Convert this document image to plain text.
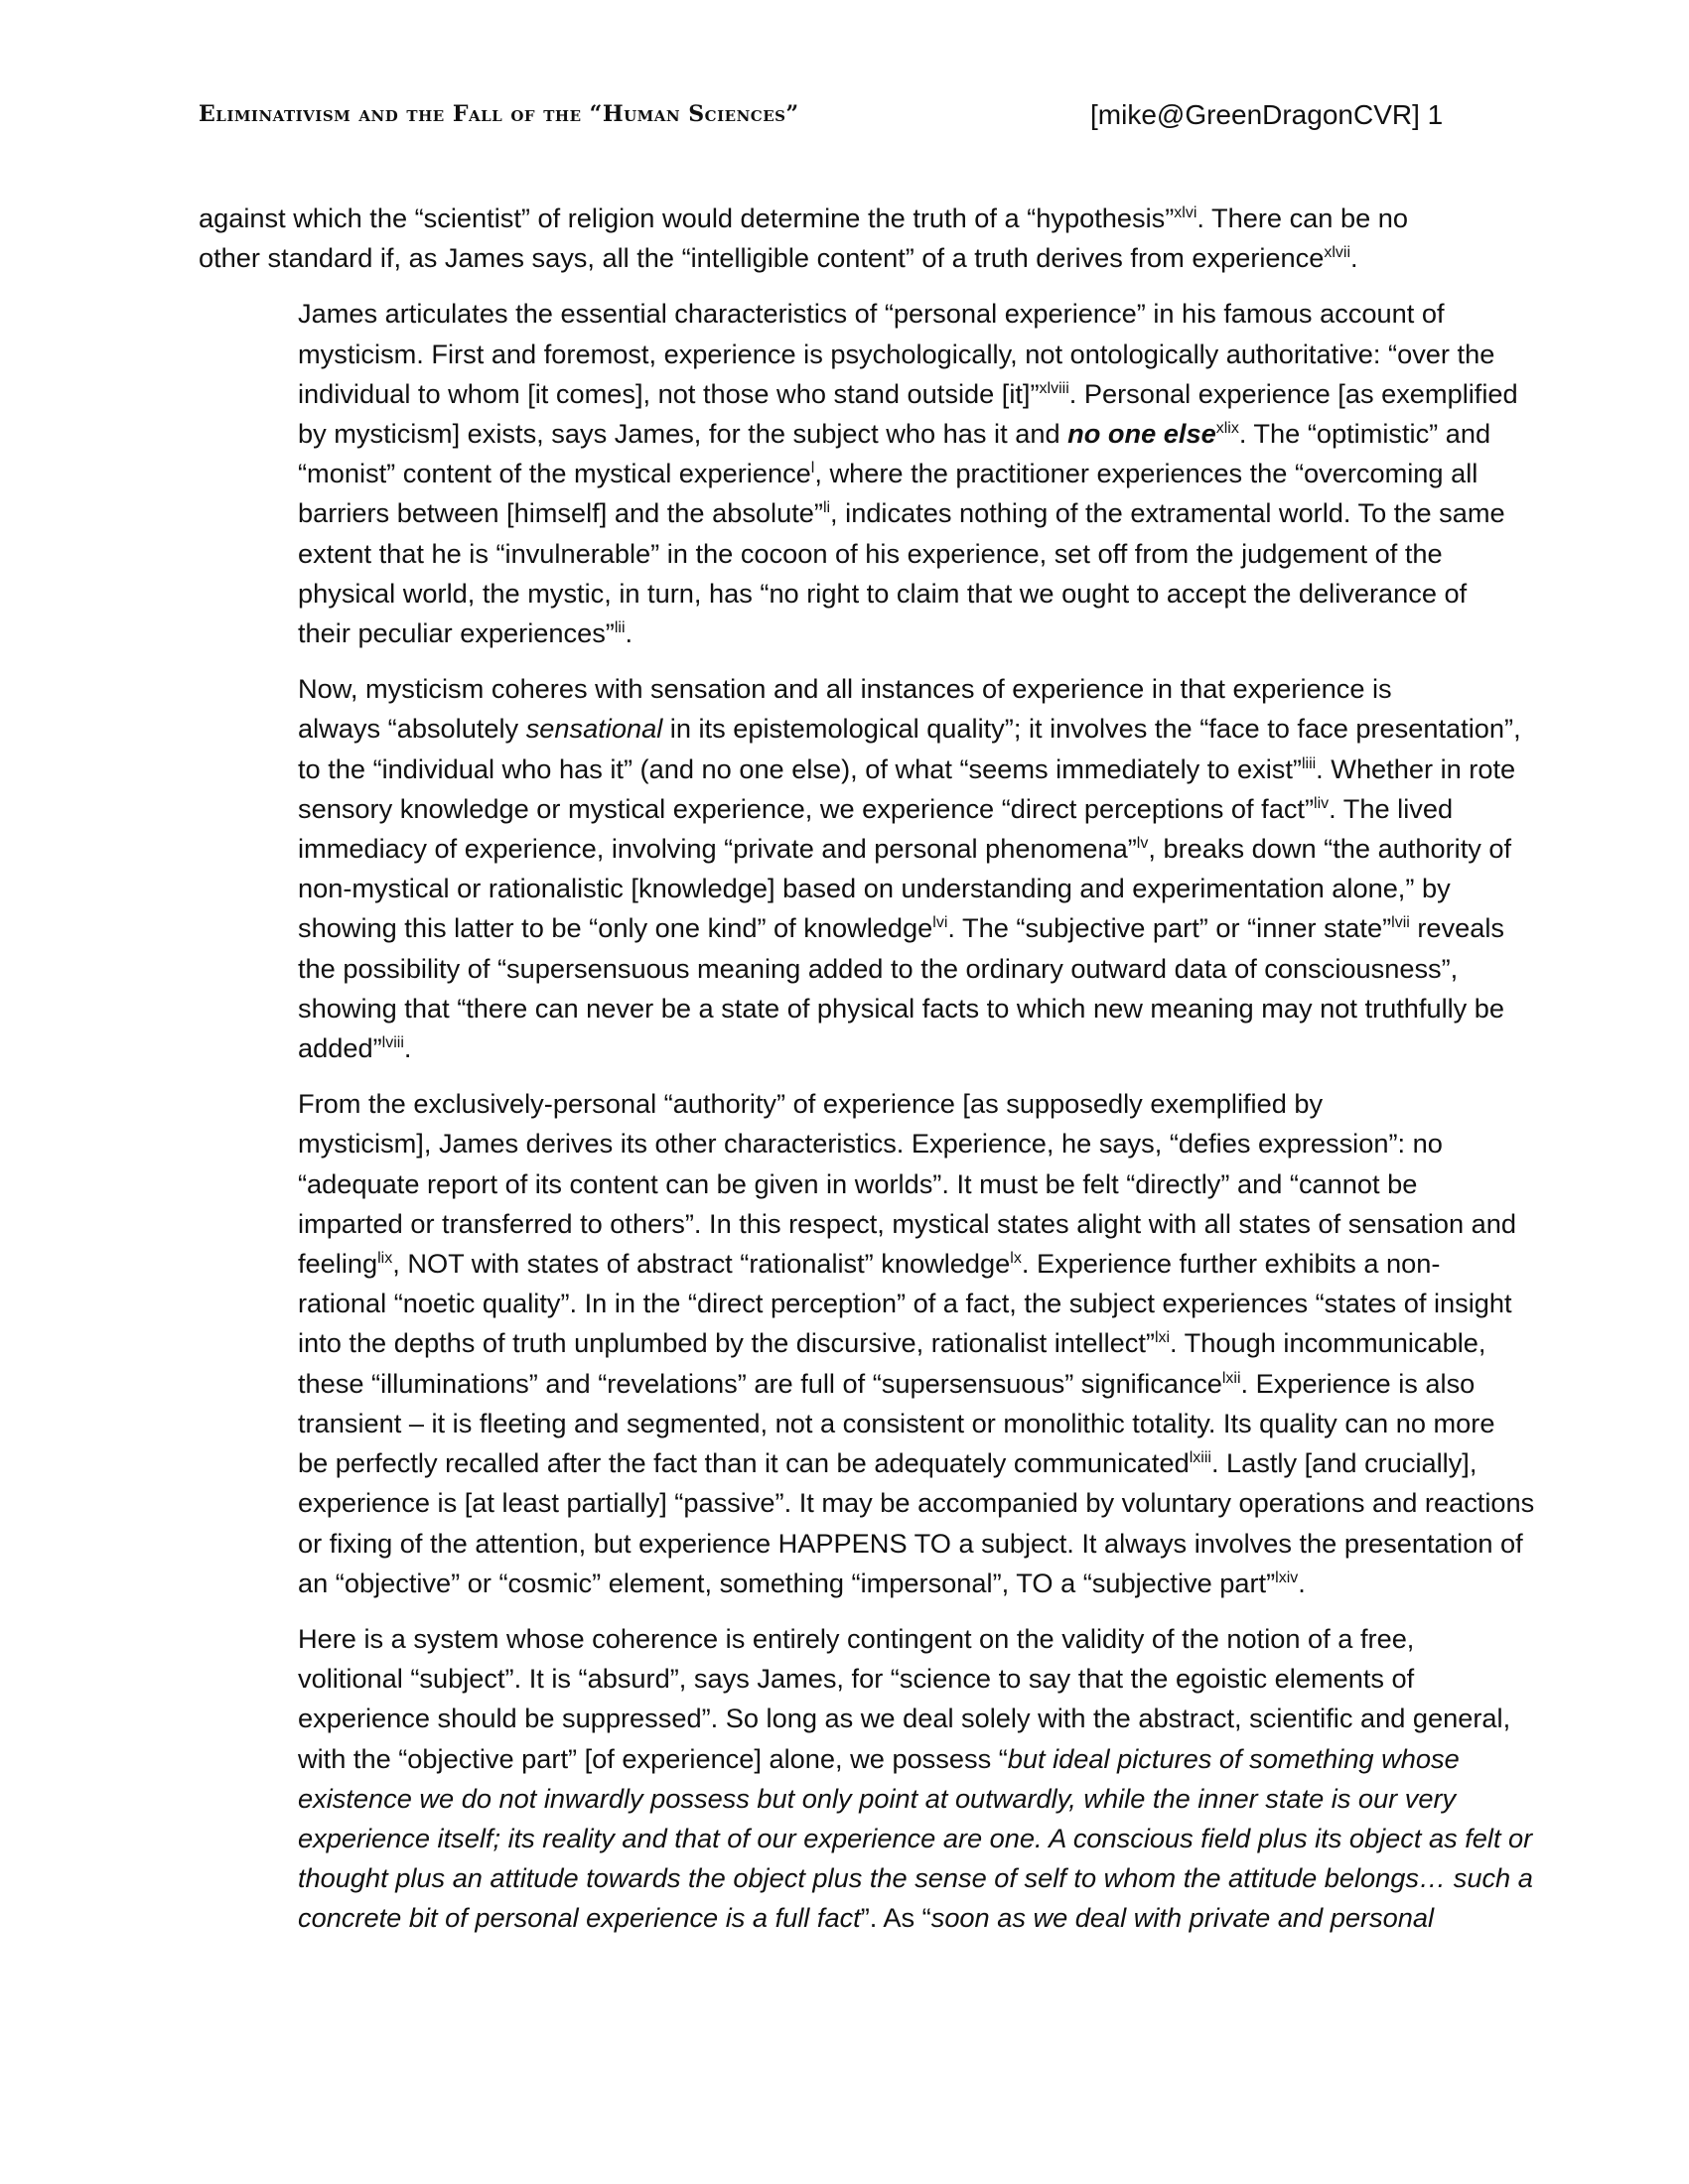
Eliminativism and the Fall of the “Human Sciences”	[mike@GreenDragonCVR] 1

against which the “scientist” of religion would determine the truth of a “hypothesis”$^{xlvi}$. There can be no
other standard if, as James says, all the “intelligible content” of a truth derives from experience$^{xlvii}$.

James articulates the essential characteristics of “personal experience” in his famous account of
mysticism. First and foremost, experience is psychologically, not ontologically authoritative: “over the
individual to whom [it comes], not those who stand outside [it]”$^{xlviii}$. Personal experience [as exemplified
by mysticism] exists, says James, for the subject who has it and no one else$^{xlix}$. The “optimistic” and
“monist” content of the mystical experience$^l$, where the practitioner experiences the “overcoming all
barriers between [himself] and the absolute”$^{li}$, indicates nothing of the extramental world. To the same
extent that he is “invulnerable” in the cocoon of his experience, set off from the judgement of the
physical world, the mystic, in turn, has “no right to claim that we ought to accept the deliverance of
their peculiar experiences”$^{lii}$.

Now, mysticism coheres with sensation and all instances of experience in that experience is
always “absolutely sensational in its epistemological quality”; it involves the “face to face presentation”,
to the “individual who has it” (and no one else), of what “seems immediately to exist”$^{liii}$. Whether in rote
sensory knowledge or mystical experience, we experience “direct perceptions of fact”$^{liv}$. The lived
immediacy of experience, involving “private and personal phenomena”$^{lv}$, breaks down “the authority of
non-mystical or rationalistic [knowledge] based on understanding and experimentation alone,” by
showing this latter to be “only one kind” of knowledge$^{lvi}$. The “subjective part” or “inner state”$^{lvii}$ reveals
the possibility of “supersensuous meaning added to the ordinary outward data of consciousness”,
showing that “there can never be a state of physical facts to which new meaning may not truthfully be
added”$^{lviii}$.

From the exclusively-personal “authority” of experience [as supposedly exemplified by
mysticism], James derives its other characteristics. Experience, he says, “defies expression”: no
“adequate report of its content can be given in worlds”. It must be felt “directly” and “cannot be
imparted or transferred to others”. In this respect, mystical states alight with all states of sensation and
feeling$^{lix}$, NOT with states of abstract “rationalist” knowledge$^{lx}$. Experience further exhibits a non-
rational “noetic quality”. In in the “direct perception” of a fact, the subject experiences “states of insight
into the depths of truth unplumbed by the discursive, rationalist intellect”$^{lxi}$. Though incommunicable,
these “illuminations” and “revelations” are full of “supersensuous” significance$^{lxii}$. Experience is also
transient – it is fleeting and segmented, not a consistent or monolithic totality. Its quality can no more
be perfectly recalled after the fact than it can be adequately communicated$^{lxiii}$. Lastly [and crucially],
experience is [at least partially] “passive”. It may be accompanied by voluntary operations and reactions
or fixing of the attention, but experience HAPPENS TO a subject. It always involves the presentation of
an “objective” or “cosmic” element, something “impersonal”, TO a “subjective part”$^{lxiv}$.

Here is a system whose coherence is entirely contingent on the validity of the notion of a free,
volitional “subject”. It is “absurd”, says James, for “science to say that the egoistic elements of
experience should be suppressed”. So long as we deal solely with the abstract, scientific and general,
with the “objective part” [of experience] alone, we possess “but ideal pictures of something whose
existence we do not inwardly possess but only point at outwardly, while the inner state is our very
experience itself; its reality and that of our experience are one. A conscious field plus its object as felt or
thought plus an attitude towards the object plus the sense of self to whom the attitude belongs… such a
concrete bit of personal experience is a full fact”. As “soon as we deal with private and personal
